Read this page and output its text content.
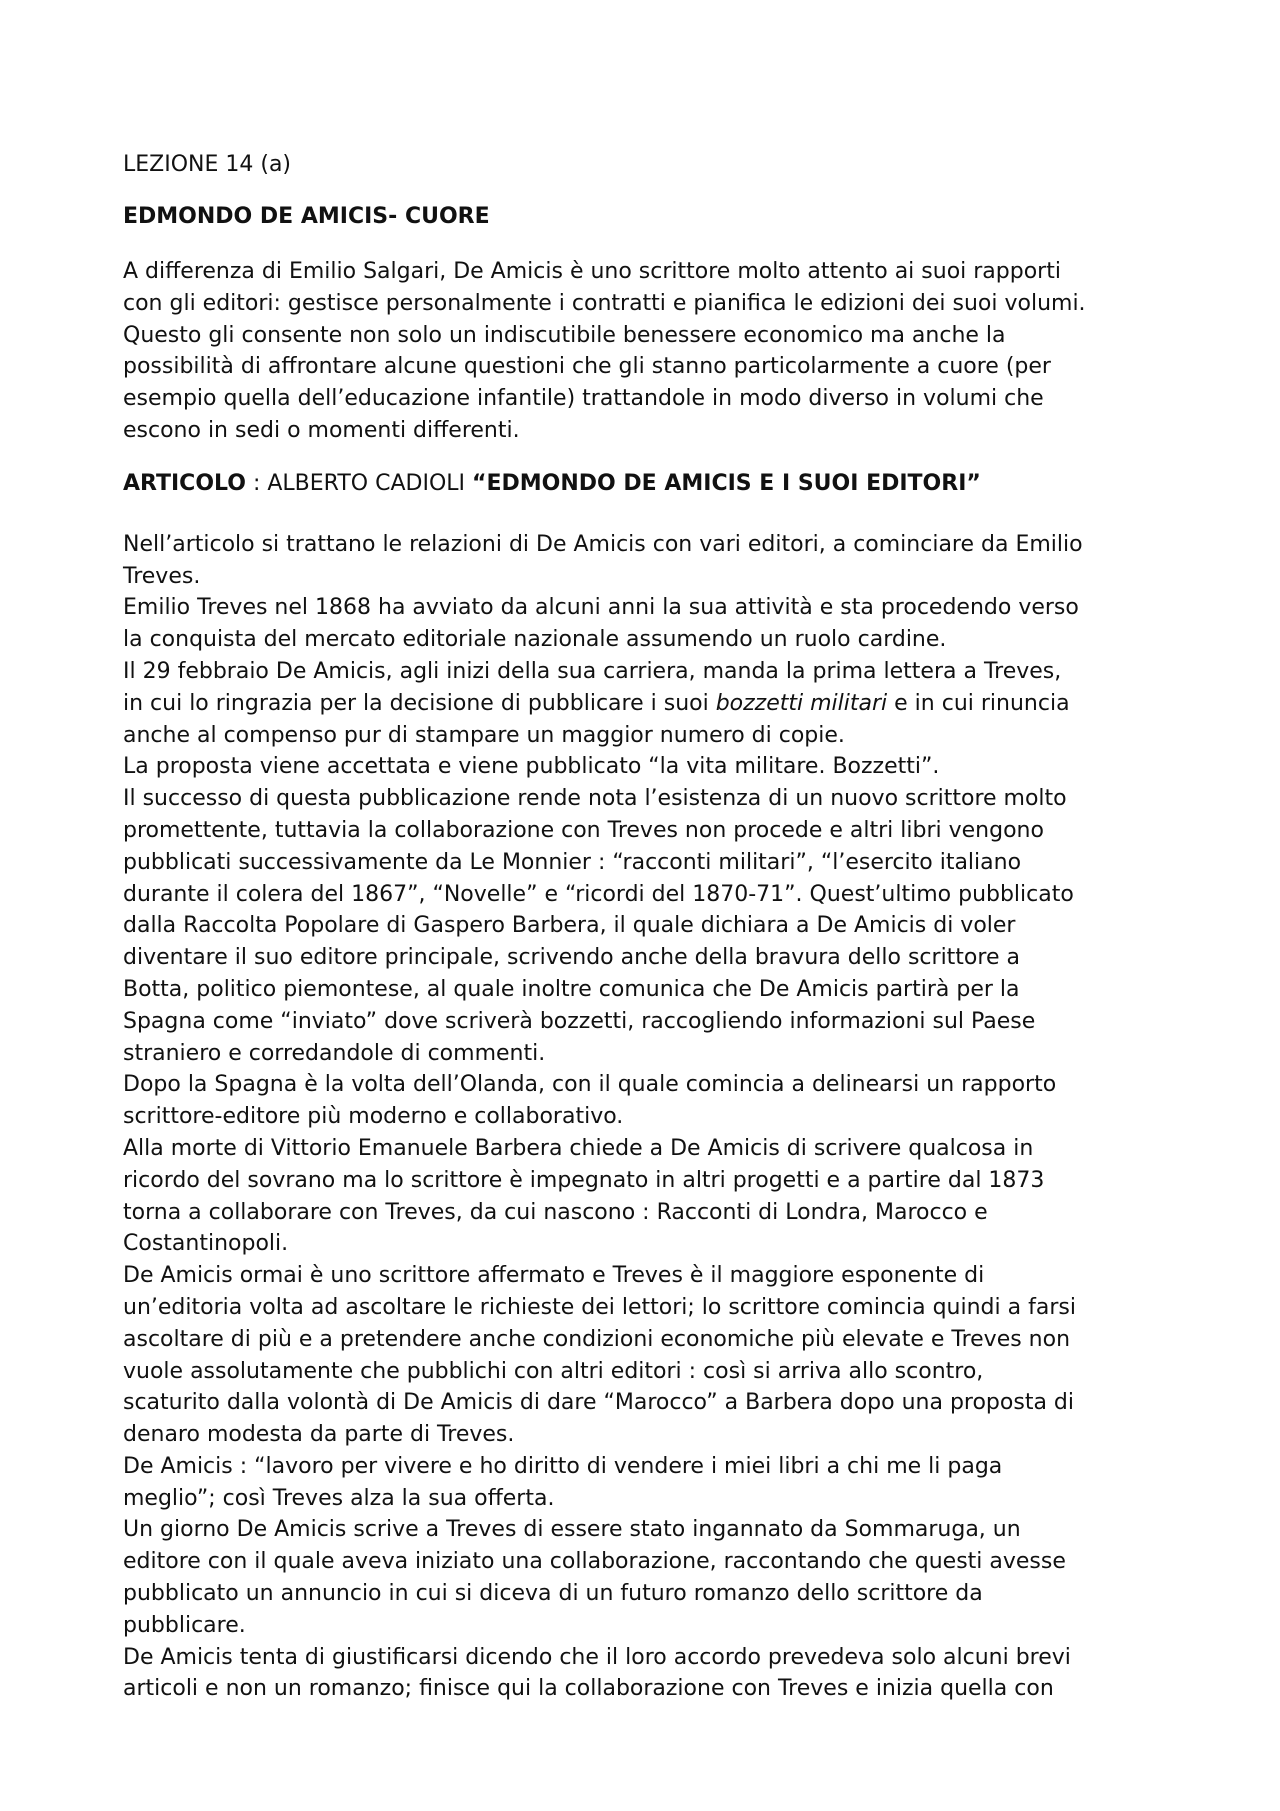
LEZIONE 14 (a)
EDMONDO DE AMICIS- CUORE
A differenza di Emilio Salgari, De Amicis è uno scrittore molto attento ai suoi rapporti
con gli editori: gestisce personalmente i contratti e pianifica le edizioni dei suoi volumi.
Questo gli consente non solo un indiscutibile benessere economico ma anche la
possibilità di affrontare alcune questioni che gli stanno particolarmente a cuore (per
esempio quella dell’educazione infantile) trattandole in modo diverso in volumi che
escono in sedi o momenti differenti.
ARTICOLO : ALBERTO CADIOLI “EDMONDO DE AMICIS E I SUOI EDITORI”

Nell’articolo si trattano le relazioni di De Amicis con vari editori, a cominciare da Emilio
Treves.

Emilio Treves nel 1868 ha avviato da alcuni anni la sua attività e sta procedendo verso
la conquista del mercato editoriale nazionale assumendo un ruolo cardine.

Il 29 febbraio De Amicis, agli inizi della sua carriera, manda la prima lettera a Treves,
in cui lo ringrazia per la decisione di pubblicare i suoi bozzetti militari e in cui rinuncia
anche al compenso pur di stampare un maggior numero di copie.

La proposta viene accettata e viene pubblicato “la vita militare. Bozzetti”.

Il successo di questa pubblicazione rende nota l’esistenza di un nuovo scrittore molto
promettente, tuttavia la collaborazione con Treves non procede e altri libri vengono
pubblicati successivamente da Le Monnier : “racconti militari”, “l’esercito italiano
durante il colera del 1867”, “Novelle” e “ricordi del 1870-71”. Quest’ultimo pubblicato
dalla Raccolta Popolare di Gaspero Barbera, il quale dichiara a De Amicis di voler
diventare il suo editore principale, scrivendo anche della bravura dello scrittore a
Botta, politico piemontese, al quale inoltre comunica che De Amicis partirà per la
Spagna come “inviato” dove scriverà bozzetti, raccogliendo informazioni sul Paese
straniero e corredandole di commenti.

Dopo la Spagna è la volta dell’Olanda, con il quale comincia a delinearsi un rapporto
scrittore-editore più moderno e collaborativo.

Alla morte di Vittorio Emanuele Barbera chiede a De Amicis di scrivere qualcosa in
ricordo del sovrano ma lo scrittore è impegnato in altri progetti e a partire dal 1873
torna a collaborare con Treves, da cui nascono : Racconti di Londra, Marocco e
Costantinopoli.

De Amicis ormai è uno scrittore affermato e Treves è il maggiore esponente di
un’editoria volta ad ascoltare le richieste dei lettori; lo scrittore comincia quindi a farsi
ascoltare di più e a pretendere anche condizioni economiche più elevate e Treves non
vuole assolutamente che pubblichi con altri editori : così si arriva allo scontro,
scaturito dalla volontà di De Amicis di dare “Marocco” a Barbera dopo una proposta di
denaro modesta da parte di Treves.

De Amicis : “lavoro per vivere e ho diritto di vendere i miei libri a chi me li paga
meglio”; così Treves alza la sua offerta.

Un giorno De Amicis scrive a Treves di essere stato ingannato da Sommaruga, un
editore con il quale aveva iniziato una collaborazione, raccontando che questi avesse
pubblicato un annuncio in cui si diceva di un futuro romanzo dello scrittore da
pubblicare.

De Amicis tenta di giustificarsi dicendo che il loro accordo prevedeva solo alcuni brevi
articoli e non un romanzo; finisce qui la collaborazione con Treves e inizia quella con
